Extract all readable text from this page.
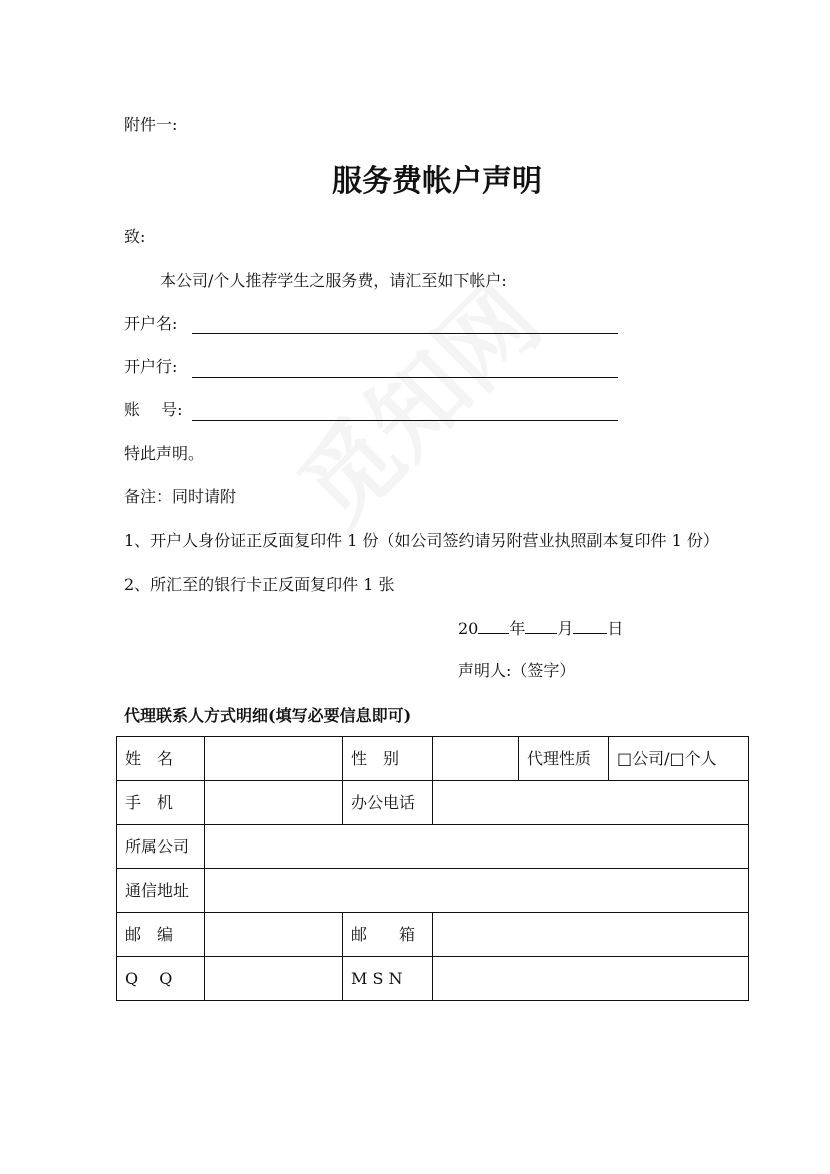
附件一:
服务费帐户声明
致:
本公司/个人推荐学生之服务费，请汇至如下帐户:
开户名:
开户行:
账　 号:
特此声明。
备注：同时请附
1、开户人身份证正反面复印件 1 份（如公司签约请另附营业执照副本复印件 1 份）
2、所汇至的银行卡正反面复印件 1 张
20 年 月 日
声明人:（签字）
代理联系人方式明细(填写必要信息即可)
姓　名		性　别		代理性质	□公司/□个人
手　机		办公电话			
所属公司					
通信地址					
邮　编		邮　　箱			
Q　 Q		M S N			
